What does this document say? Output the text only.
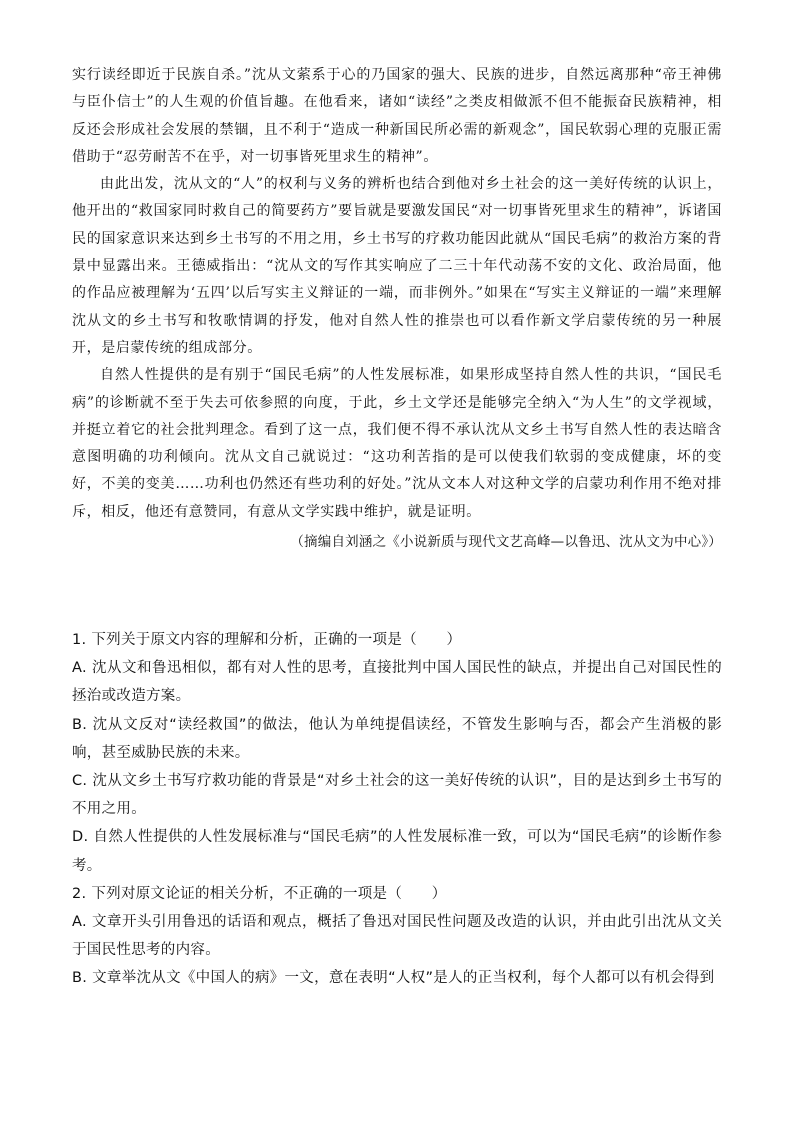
实行读经即近于民族自杀。”沈从文萦系于心的乃国家的强大、民族的进步，自然远离那种“帝王神佛与臣仆信士”的人生观的价值旨趣。在他看来，诸如“读经”之类皮相做派不但不能振奋民族精神，相反还会形成社会发展的禁锢，且不利于“造成一种新国民所必需的新观念”，国民软弱心理的克服正需借助于“忍劳耐苦不在乎，对一切事皆死里求生的精神”。

由此出发，沈从文的“人”的权利与义务的辨析也结合到他对乡土社会的这一美好传统的认识上，他开出的“救国家同时救自己的简要药方”要旨就是要激发国民“对一切事皆死里求生的精神”，诉诸国民的国家意识来达到乡土书写的不用之用，乡土书写的疗救功能因此就从“国民毛病”的救治方案的背景中显露出来。王德威指出：“沈从文的写作其实响应了二三十年代动荡不安的文化、政治局面，他的作品应被理解为‘五四’以后写实主义辩证的一端，而非例外。”如果在“写实主义辩证的一端”来理解沈从文的乡土书写和牧歌情调的抒发，他对自然人性的推崇也可以看作新文学启蒙传统的另一种展开，是启蒙传统的组成部分。

自然人性提供的是有别于“国民毛病”的人性发展标准，如果形成坚持自然人性的共识，“国民毛病”的诊断就不至于失去可依参照的向度，于此，乡土文学还是能够完全纳入“为人生”的文学视域，并挺立着它的社会批判理念。看到了这一点，我们便不得不承认沈从文乡土书写自然人性的表达暗含意图明确的功利倾向。沈从文自己就说过：“这功利苦指的是可以使我们软弱的变成健康，坏的变好，不美的变美……功利也仍然还有些功利的好处。”沈从文本人对这种文学的启蒙功利作用不绝对排斥，相反，他还有意赞同，有意从文学实践中维护，就是证明。

（摘编自刘涵之《小说新质与现代文艺高峰—以鲁迅、沈从文为中心》）

1. 下列关于原文内容的理解和分析，正确的一项是（　　）

A. 沈从文和鲁迅相似，都有对人性的思考，直接批判中国人国民性的缺点，并提出自己对国民性的拯治或改造方案。

B. 沈从文反对“读经救国”的做法，他认为单纯提倡读经，不管发生影响与否，都会产生消极的影响，甚至威胁民族的未来。

C. 沈从文乡土书写疗救功能的背景是“对乡土社会的这一美好传统的认识”，目的是达到乡土书写的不用之用。

D. 自然人性提供的人性发展标准与“国民毛病”的人性发展标准一致，可以为“国民毛病”的诊断作参考。

2. 下列对原文论证的相关分析，不正确的一项是（　　）

A. 文章开头引用鲁迅的话语和观点，概括了鲁迅对国民性问题及改造的认识，并由此引出沈从文关于国民性思考的内容。

B. 文章举沈从文《中国人的病》一文，意在表明“人权”是人的正当权利，每个人都可以有机会得到
